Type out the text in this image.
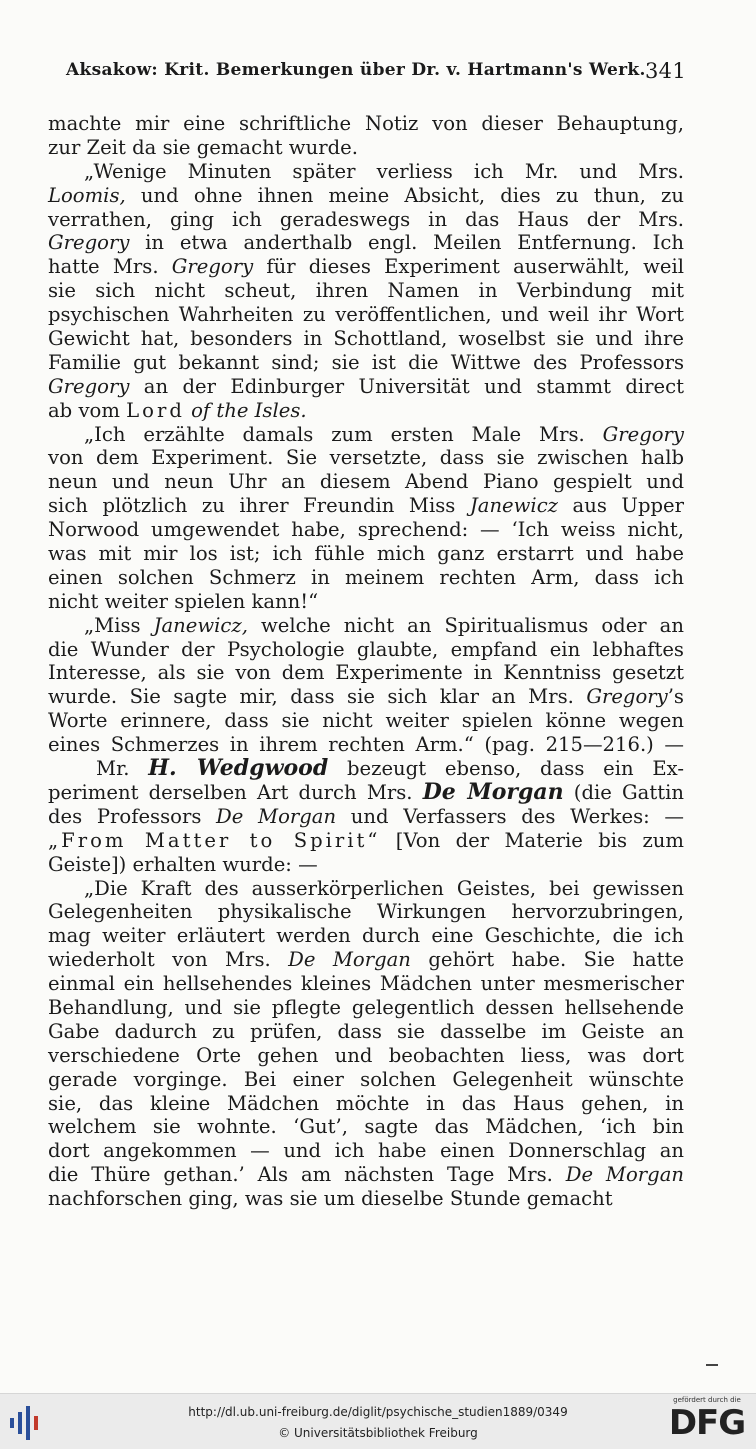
Aksakow: Krit. Bemerkungen über Dr. v. Hartmann's Werk. 341
machte mir eine schriftliche Notiz von dieser Behauptung,
zur Zeit da sie gemacht wurde.
„Wenige Minuten später verliess ich Mr. und Mrs.
Loomis, und ohne ihnen meine Absicht, dies zu thun, zu
verrathen, ging ich geradeswegs in das Haus der Mrs.
Gregory in etwa anderthalb engl. Meilen Entfernung. Ich
hatte Mrs. Gregory für dieses Experiment auserwählt, weil
sie sich nicht scheut, ihren Namen in Verbindung mit
psychischen Wahrheiten zu veröffentlichen, und weil ihr Wort
Gewicht hat, besonders in Schottland, woselbst sie und ihre
Familie gut bekannt sind; sie ist die Wittwe des Professors
Gregory an der Edinburger Universität und stammt direct
ab vom Lord of the Isles.
„Ich erzählte damals zum ersten Male Mrs. Gregory
von dem Experiment. Sie versetzte, dass sie zwischen halb
neun und neun Uhr an diesem Abend Piano gespielt und
sich plötzlich zu ihrer Freundin Miss Janewicz aus Upper
Norwood umgewendet habe, sprechend: — ‘Ich weiss nicht,
was mit mir los ist; ich fühle mich ganz erstarrt und habe
einen solchen Schmerz in meinem rechten Arm, dass ich
nicht weiter spielen kann!“
„Miss Janewicz, welche nicht an Spiritualismus oder an
die Wunder der Psychologie glaubte, empfand ein lebhaftes
Interesse, als sie von dem Experimente in Kenntniss gesetzt
wurde. Sie sagte mir, dass sie sich klar an Mrs. Gregory’s
Worte erinnere, dass sie nicht weiter spielen könne wegen
eines Schmerzes in ihrem rechten Arm.“ (pag. 215—216.) —
Mr. H. Wedgwood bezeugt ebenso, dass ein Ex-
periment derselben Art durch Mrs. De Morgan (die Gattin
des Professors De Morgan und Verfassers des Werkes: —
„From Matter to Spirit“ [Von der Materie bis zum
Geiste]) erhalten wurde: —
„Die Kraft des ausserkörperlichen Geistes, bei gewissen
Gelegenheiten physikalische Wirkungen hervorzubringen,
mag weiter erläutert werden durch eine Geschichte, die ich
wiederholt von Mrs. De Morgan gehört habe. Sie hatte
einmal ein hellsehendes kleines Mädchen unter mesmerischer
Behandlung, und sie pflegte gelegentlich dessen hellsehende
Gabe dadurch zu prüfen, dass sie dasselbe im Geiste an
verschiedene Orte gehen und beobachten liess, was dort
gerade vorginge. Bei einer solchen Gelegenheit wünschte
sie, das kleine Mädchen möchte in das Haus gehen, in
welchem sie wohnte. ‘Gut’, sagte das Mädchen, ‘ich bin
dort angekommen — und ich habe einen Donnerschlag an
die Thüre gethan.’ Als am nächsten Tage Mrs. De Morgan
nachforschen ging, was sie um dieselbe Stunde gemacht
http://dl.ub.uni-freiburg.de/diglit/psychische_studien1889/0349
© Universitätsbibliothek Freiburg
gefördert durch die
DFG
